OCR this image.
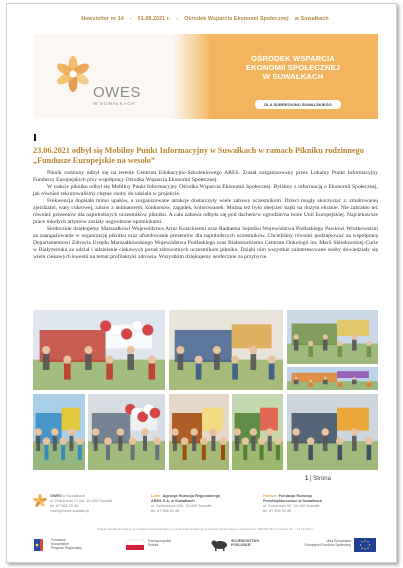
Newsletter nr 14 - 01.08.2021 r. - Ośrodek Wsparcia Ekonomii Społecznej w Suwałkach
OWES
W SUWAŁKACH
OŚRODEK WSPARCIA
EKONOMII SPOŁECZNEJ
W SUWAŁKACH
DLA SUBREGIONU SUWALSKIEGO
23.06.2021 odbył się Mobilny Punkt Informacyjny w Suwałkach w ramach Pikniku rodzinnego „Fundusze Europejskie na wesoło”

Piknik rodzinny odbył się na terenie Centrum Edukacyjno-Szkoleniowego ARES. Został zorganizowany przez Lokalny Punkt Informacyjny Funduszy Europejskich przy współpracy Ośrodka Wsparcia Ekonomii Społecznej.

W trakcie pikniku odbył się Mobilny Punkt Informacyjny Ośrodka Wsparcia Ekonomii Społecznej. Byliśmy z informacją o Ekonomii Społecznej, jak również rekrutowaliśmy chętne osoby do udziału w projekcie.

Frekwencja dopisała mimo upałów, a zorganizowane atrakcje dostarczyły wiele zabawy uczestnikom. Dzieci mogły skorzystać z: zmaltowanej zjeżdżalni, waty cukrowej, zabaw z animatorem, konkursów, zagadek, kolorowanek. Można też było obejrzeć bajki na dużym ekranie. Nie zabrakło też również prezentów dla najmłodszych uczestników pikniku. A cała zabawa odbyła się pod dachem/w ogrodzie/na łonie Unii Europejskiej. Najciekawsze prace młodych artystów zostały nagrodzone upominkami.

Serdecznie dziękujemy Marszałkowi Województwa Artur Kosickiemu oraz Radnemu Sejmiku Województwa Podlaskiego Pawłowi Wrotkowskim za zaangażowanie w organizację pikniku oraz ufundowanie prezentów dla najmłodszych uczestników. Chcieliśmy również podziękować za współpracę Departamentowi Zdrowia Urzędu Marszałkowskiego Województwa Podlaskiego oraz Białostockiemu Centrum Onkologii im. Marii Skłodowskiej-Curie w Białymstoku za udział i udzielanie ciekawych porad zdrowotnych uczestnikom pikniku. Dzięki nim wszystkie zainteresowane osoby dowiedziały się wielu ciekawych kwestii na temat profilaktyki zdrowia. Wszystkim dziękujemy serdecznie za przybycie.

1 | Strona
OWES w Suwałkach
ul. Kościuszki 71 lok. 16-400 Suwałki
tel. 87 565 25 36
owes@owes.suwalki.pl
Lider: Agencja Rozwoju Regionalnego
ARES S.A. w Suwałkach
ul. Noniewicza 42A, 16-400 Suwałki
tel. 87 566 01 56
Partner: Fundacja Rozwoju
Przedsiębiorczości w Suwałkach
ul. Kościuszki 60, 16-400 Suwałki
tel. 87 565 02 86
Projekt współfinansowany ze środków Unii Europejskiej w ramach Europejskiego Funduszu Społecznego w wysokości 4 398 995,30 zł w kwocie 01 ... 31.12.2022 r.
Fundusze
Europejskie
Program Regionalny
Rzeczpospolita
Polska
WOJEWÓDZTWO
PODLASKIE
Unia Europejska
Europejski Fundusz Społeczny
